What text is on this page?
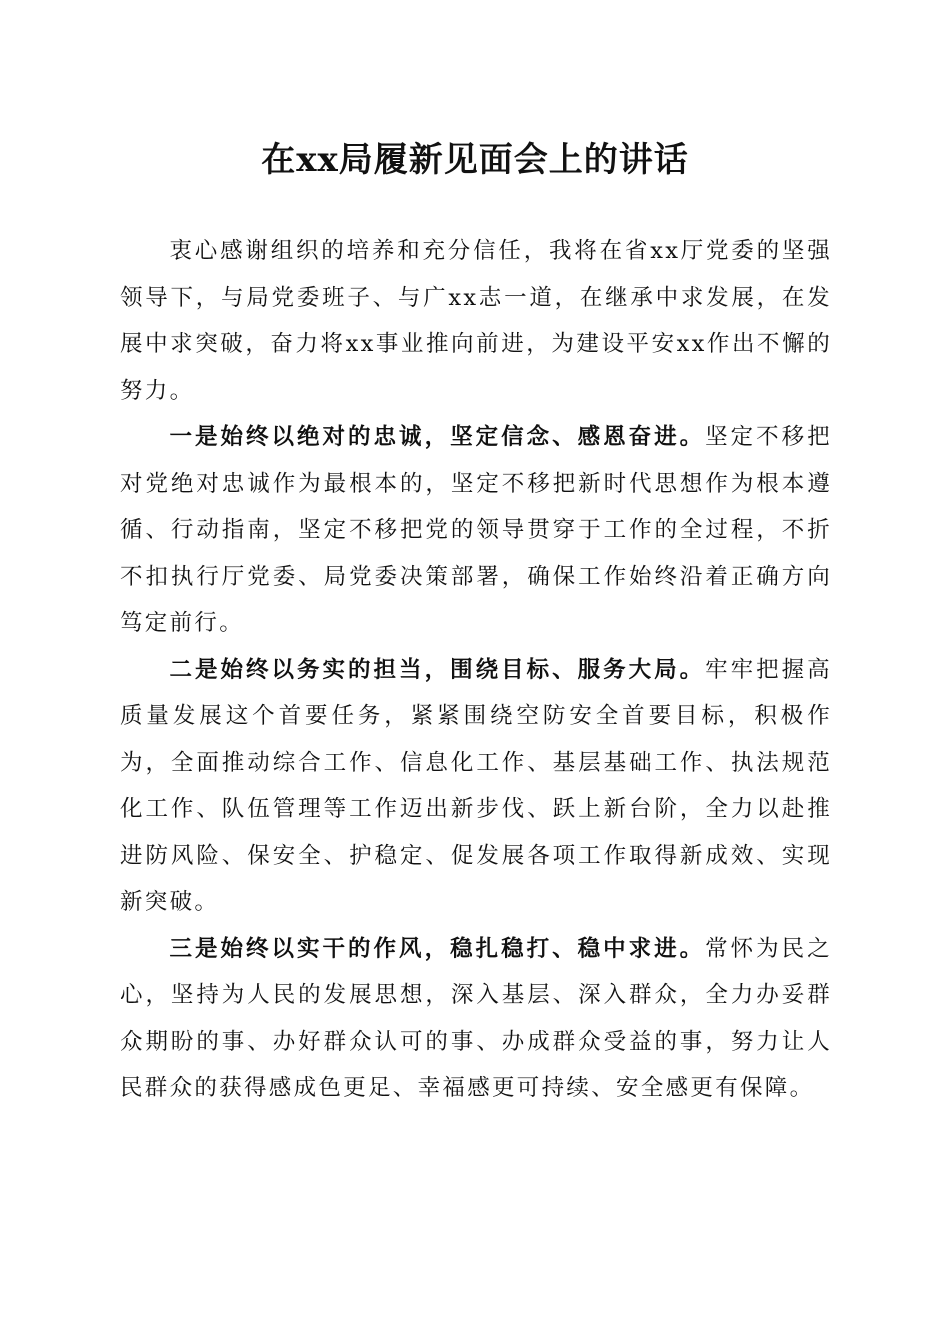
在xx局履新见面会上的讲话

衷心感谢组织的培养和充分信任，我将在省xx厅党委的坚强领导下，与局党委班子、与广xx志一道，在继承中求发展，在发展中求突破，奋力将xx事业推向前进，为建设平安xx作出不懈的努力。

一是始终以绝对的忠诚，坚定信念、感恩奋进。坚定不移把对党绝对忠诚作为最根本的，坚定不移把新时代思想作为根本遵循、行动指南，坚定不移把党的领导贯穿于工作的全过程，不折不扣执行厅党委、局党委决策部署，确保工作始终沿着正确方向笃定前行。

二是始终以务实的担当，围绕目标、服务大局。牢牢把握高质量发展这个首要任务，紧紧围绕空防安全首要目标，积极作为，全面推动综合工作、信息化工作、基层基础工作、执法规范化工作、队伍管理等工作迈出新步伐、跃上新台阶，全力以赴推进防风险、保安全、护稳定、促发展各项工作取得新成效、实现新突破。

三是始终以实干的作风，稳扎稳打、稳中求进。常怀为民之心，坚持为人民的发展思想，深入基层、深入群众，全力办妥群众期盼的事、办好群众认可的事、办成群众受益的事，努力让人民群众的获得感成色更足、幸福感更可持续、安全感更有保障。
